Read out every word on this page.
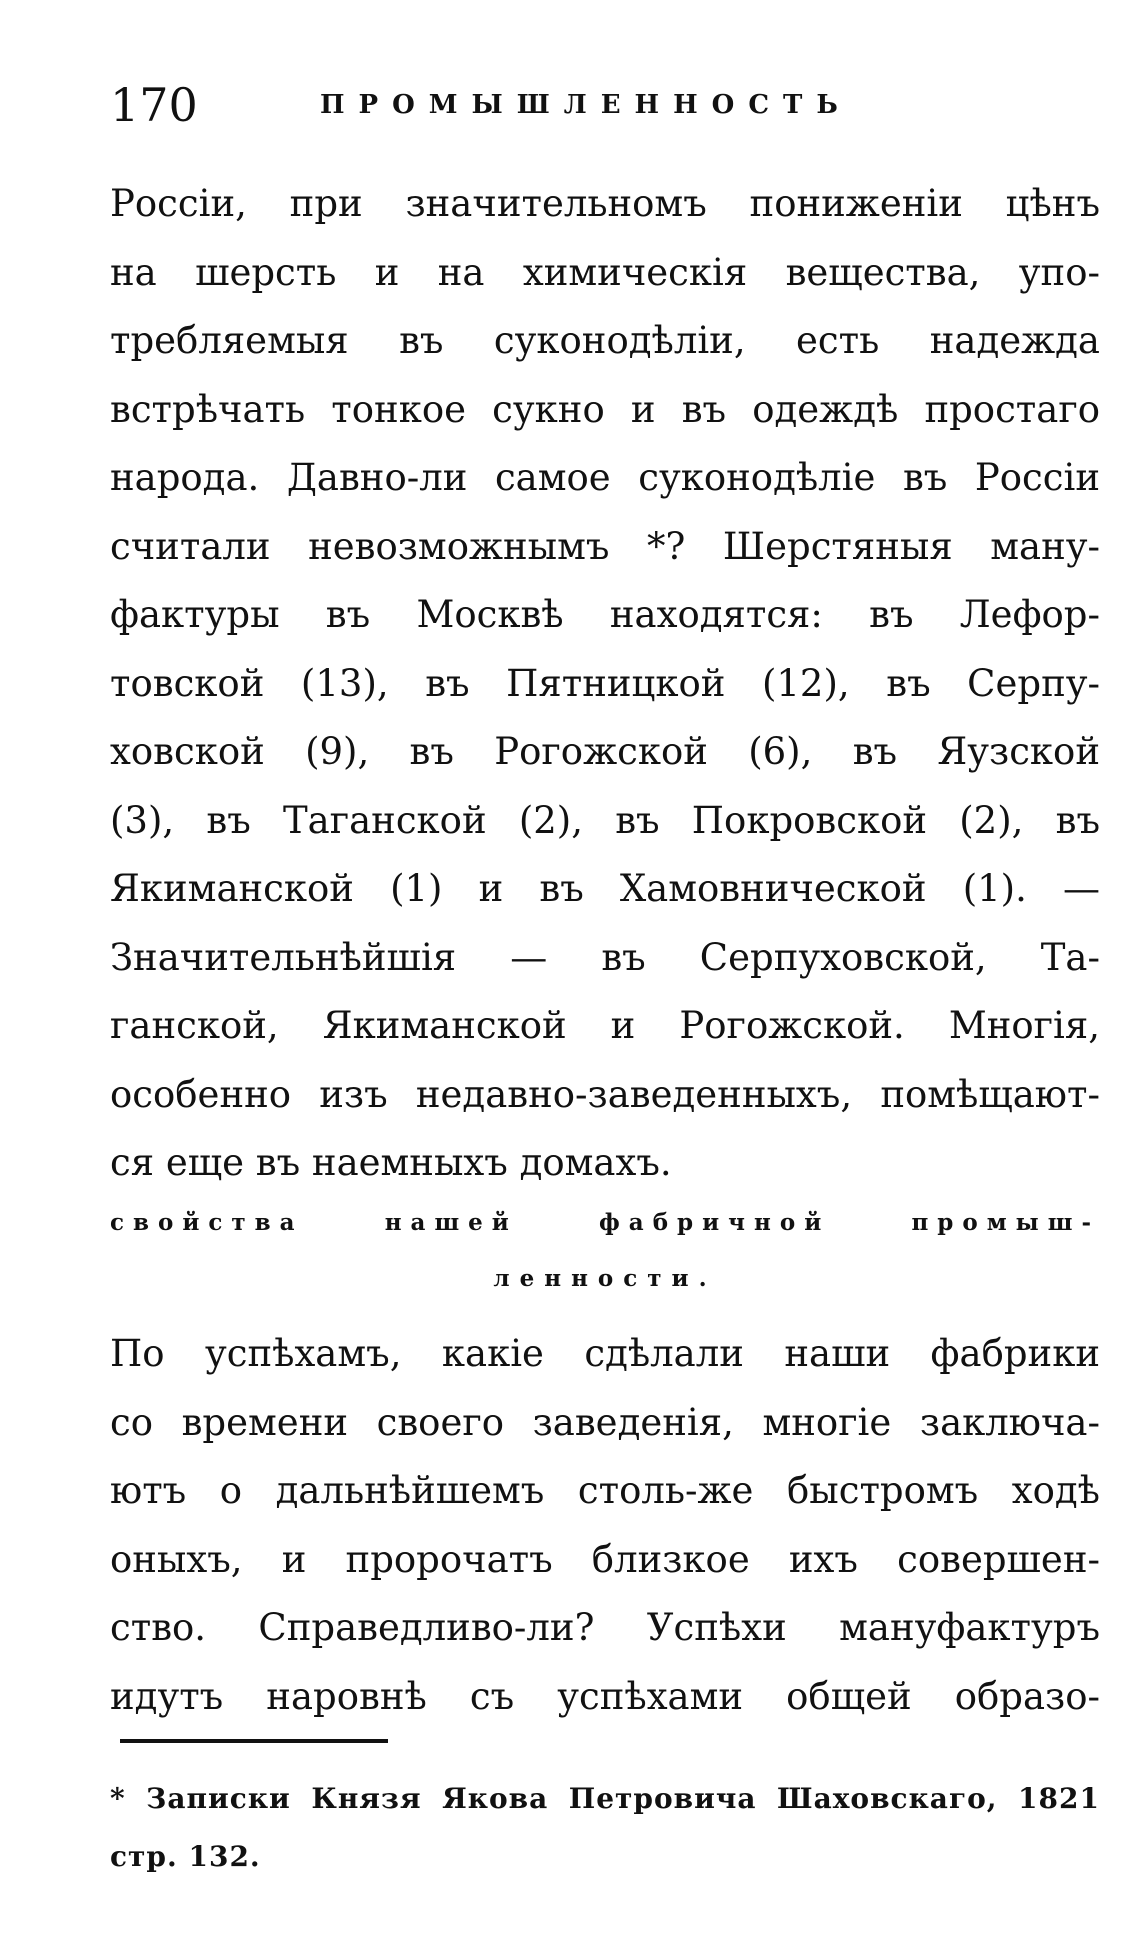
170	ПРОМЫШЛЕННОСТЬ
Россіи, при значительномъ пониженіи цѣнъ
на шерсть и на химическія вещества, упо-
требляемыя въ суконодѣліи, есть надежда
встрѣчать тонкое сукно и въ одеждѣ простаго
народа. Давно-ли самое суконодѣліе въ Россіи
считали невозможнымъ *? Шерстяныя ману-
фактуры въ Москвѣ находятся: въ Лефор-
товской (13), въ Пятницкой (12), въ Серпу-
ховской (9), въ Рогожской (6), въ Яузской
(3), въ Таганской (2), въ Покровской (2), въ
Якиманской (1) и въ Хамовнической (1). —
Значительнѣйшія — въ Серпуховской, Та-
ганской, Якиманской и Рогожской. Многія,
особенно изъ недавно-заведенныхъ, помѣщают-
ся еще въ наемныхъ домахъ.
свойства нашей фабричной промыш-
ленности.
По успѣхамъ, какіе сдѣлали наши фабрики
со времени своего заведенія, многіе заключа-
ютъ о дальнѣйшемъ столь-же быстромъ ходѣ
оныхъ, и пророчатъ близкое ихъ совершен-
ство. Справедливо-ли? Успѣхи мануфактуръ
идутъ наровнѣ съ успѣхами общей образо-
* Записки Князя Якова Петровича Шаховскаго, 1821
стр. 132.
